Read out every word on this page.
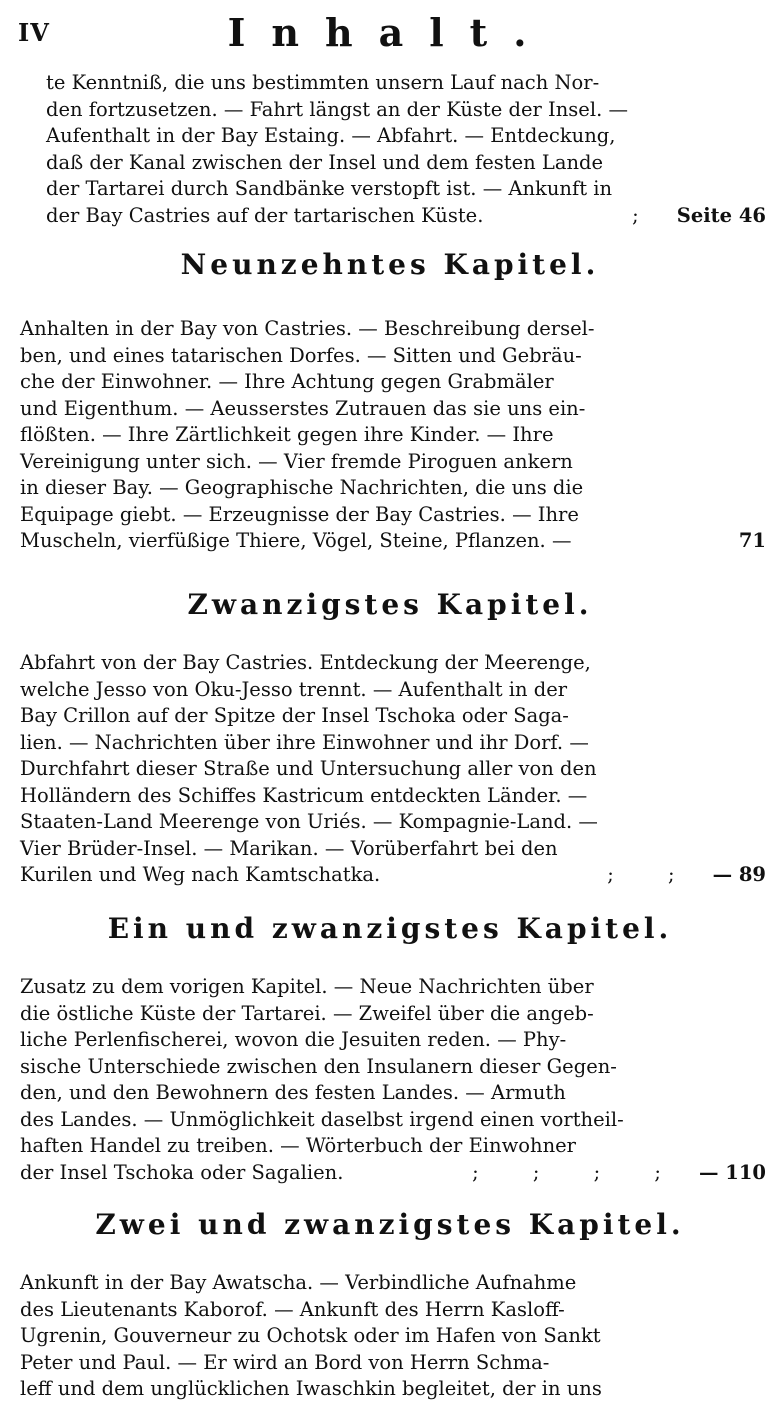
IV	Inhalt.

te Kenntniß, die uns bestimmten unsern Lauf nach Nor-

den fortzusetzen. — Fahrt längst an der Küste der Insel. —

Aufenthalt in der Bay Estaing. — Abfahrt. — Entdeckung,

daß der Kanal zwischen der Insel und dem festen Lande

der Tartarei durch Sandbänke verstopft ist. — Ankunft in

der Bay Castries auf der tartarischen Küste.	; Seite 46
Neunzehntes Kapitel.

Anhalten in der Bay von Castries. — Beschreibung dersel-

ben, und eines tatarischen Dorfes. — Sitten und Gebräu-

che der Einwohner. — Ihre Achtung gegen Grabmäler

und Eigenthum. — Aeusserstes Zutrauen das sie uns ein-

flößten. — Ihre Zärtlichkeit gegen ihre Kinder. — Ihre

Vereinigung unter sich. — Vier fremde Piroguen ankern

in dieser Bay. — Geographische Nachrichten, die uns die

Equipage giebt. — Erzeugnisse der Bay Castries. — Ihre

Muscheln, vierfüßige Thiere, Vögel, Steine, Pflanzen. —	71
Zwanzigstes Kapitel.

Abfahrt von der Bay Castries. Entdeckung der Meerenge,

welche Jesso von Oku-Jesso trennt. — Aufenthalt in der

Bay Crillon auf der Spitze der Insel Tschoka oder Saga-

lien. — Nachrichten über ihre Einwohner und ihr Dorf. —

Durchfahrt dieser Straße und Untersuchung aller von den

Holländern des Schiffes Kastricum entdeckten Länder. —

Staaten-Land Meerenge von Uriés. — Kompagnie-Land. —

Vier Brüder-Insel. — Marikan. — Vorüberfahrt bei den

Kurilen und Weg nach Kamtschatka.	; ; — 89
Ein und zwanzigstes Kapitel.

Zusatz zu dem vorigen Kapitel. — Neue Nachrichten über

die östliche Küste der Tartarei. — Zweifel über die angeb-

liche Perlenfischerei, wovon die Jesuiten reden. — Phy-

sische Unterschiede zwischen den Insulanern dieser Gegen-

den, und den Bewohnern des festen Landes. — Armuth

des Landes. — Unmöglichkeit daselbst irgend einen vortheil-

haften Handel zu treiben. — Wörterbuch der Einwohner

der Insel Tschoka oder Sagalien.	; ; ; ; — 110
Zwei und zwanzigstes Kapitel.

Ankunft in der Bay Awatscha. — Verbindliche Aufnahme

des Lieutenants Kaborof. — Ankunft des Herrn Kasloff-

Ugrenin, Gouverneur zu Ochotsk oder im Hafen von Sankt

Peter und Paul. — Er wird an Bord von Herrn Schma-

leff und dem unglücklichen Iwaschkin begleitet, der in uns
